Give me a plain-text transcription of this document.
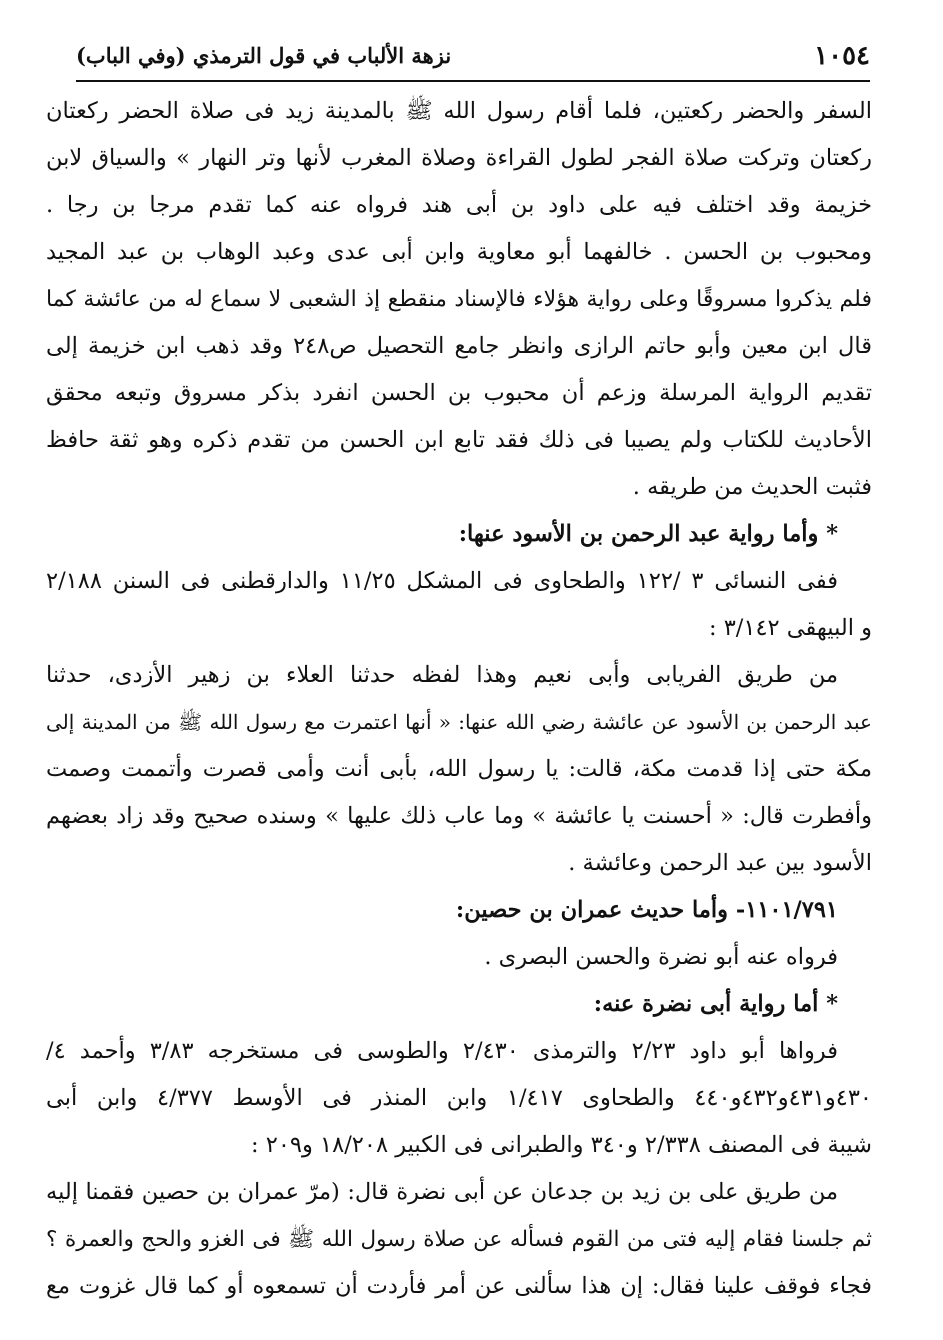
١٠٥٤
نزهة الألباب في قول الترمذي (وفي الباب)
السفر والحضر ركعتين، فلما أقام رسول الله ﷺ بالمدينة زيد فى صلاة الحضر ركعتان
ركعتان وتركت صلاة الفجر لطول القراءة وصلاة المغرب لأنها وتر النهار » والسياق لابن
خزيمة وقد اختلف فيه على داود بن أبى هند فرواه عنه كما تقدم مرجا بن رجا .
ومحبوب بن الحسن . خالفهما أبو معاوية وابن أبى عدى وعبد الوهاب بن عبد المجيد
فلم يذكروا مسروقًا وعلى رواية هؤلاء فالإسناد منقطع إذ الشعبى لا سماع له من عائشة كما
قال ابن معين وأبو حاتم الرازى وانظر جامع التحصيل ص٢٤٨ وقد ذهب ابن خزيمة إلى
تقديم الرواية المرسلة وزعم أن محبوب بن الحسن انفرد بذكر مسروق وتبعه محقق
الأحاديث للكتاب ولم يصيبا فى ذلك فقد تابع ابن الحسن من تقدم ذكره وهو ثقة حافظ
فثبت الحديث من طريقه .
* وأما رواية عبد الرحمن بن الأسود عنها:
ففى النسائى ٣ /١٢٢ والطحاوى فى المشكل ١١/٢٥ والدارقطنى فى السنن ٢/١٨٨
و البيهقى ٣/١٤٢ :
من طريق الفريابى وأبى نعيم وهذا لفظه حدثنا العلاء بن زهير الأزدى، حدثنا
عبد الرحمن بن الأسود عن عائشة رضي الله عنها: « أنها اعتمرت مع رسول الله ﷺ من المدينة إلى
مكة حتى إذا قدمت مكة، قالت: يا رسول الله، بأبى أنت وأمى قصرت وأتممت وصمت
وأفطرت قال: « أحسنت يا عائشة » وما عاب ذلك عليها » وسنده صحيح وقد زاد بعضهم
الأسود بين عبد الرحمن وعائشة .
١١٠١/٧٩١- وأما حديث عمران بن حصين:
فرواه عنه أبو نضرة والحسن البصرى .
* أما رواية أبى نضرة عنه:
فرواها أبو داود ٢/٢٣ والترمذى ٢/٤٣٠ والطوسى فى مستخرجه ٣/٨٣ وأحمد ٤/
٤٣٠و٤٣١و٤٣٢و٤٤٠ والطحاوى ١/٤١٧ وابن المنذر فى الأوسط ٤/٣٧٧ وابن أبى
شيبة فى المصنف ٢/٣٣٨ و٣٤٠ والطبرانى فى الكبير ١٨/٢٠٨ و٢٠٩ :
من طريق على بن زيد بن جدعان عن أبى نضرة قال: (مرّ عمران بن حصين فقمنا إليه
ثم جلسنا فقام إليه فتى من القوم فسأله عن صلاة رسول الله ﷺ فى الغزو والحج والعمرة ؟
فجاء فوقف علينا فقال: إن هذا سألنى عن أمر فأردت أن تسمعوه أو كما قال غزوت مع
